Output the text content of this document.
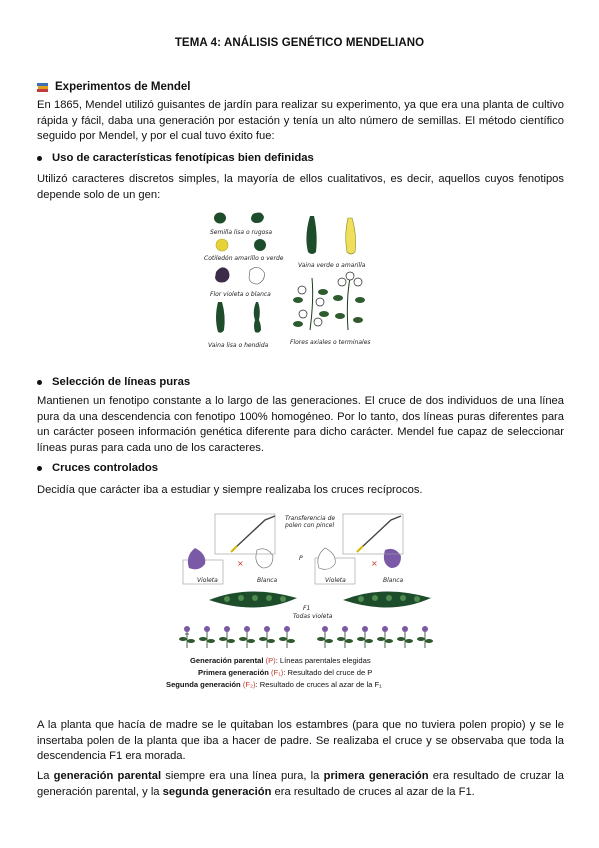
TEMA 4: ANÁLISIS GENÉTICO MENDELIANO
Experimentos de Mendel

En 1865, Mendel utilizó guisantes de jardín para realizar su experimento, ya que era una planta de cultivo rápida y fácil, daba una generación por estación y tenía un alto número de semillas. El método científico seguido por Mendel, y por el cual tuvo éxito fue:

Uso de características fenotípicas bien definidas

Utilizó caracteres discretos simples, la mayoría de ellos cualitativos, es decir, aquellos cuyos fenotipos depende solo de un gen:

Semilla lisa o rugosa
Cotiledón amarillo o verde
Flor violeta o blanca
Vaina lisa o hendida
Vaina verde o amarilla
Flores axiales o terminales
Selección de líneas puras

Mantienen un fenotipo constante a lo largo de las generaciones. El cruce de dos individuos de una línea pura da una descendencia con fenotipo 100% homogéneo. Por lo tanto, dos líneas puras diferentes para un carácter poseen información genética diferente para dicho carácter. Mendel fue capaz de seleccionar líneas puras para cada uno de los caracteres.

Cruces controlados

Decidía que carácter iba a estudiar y siempre realizaba los cruces recíprocos.

Violeta
×
Blanca
Transferencia de
polen con pincel
P
Violeta
×
Blanca
F1
Todas violeta
Generación parental (P): Líneas parentales elegidas
Primera generación (F₁): Resultado del cruce de P
Segunda generación (F₂): Resultado de cruces al azar de la F₁

A la planta que hacía de madre se le quitaban los estambres (para que no tuviera polen propio) y se le insertaba polen de la planta que iba a hacer de padre. Se realizaba el cruce y se observaba que toda la descendencia F1 era morada.

La generación parental siempre era una línea pura, la primera generación era resultado de cruzar la generación parental, y la segunda generación era resultado de cruces al azar de la F1.
